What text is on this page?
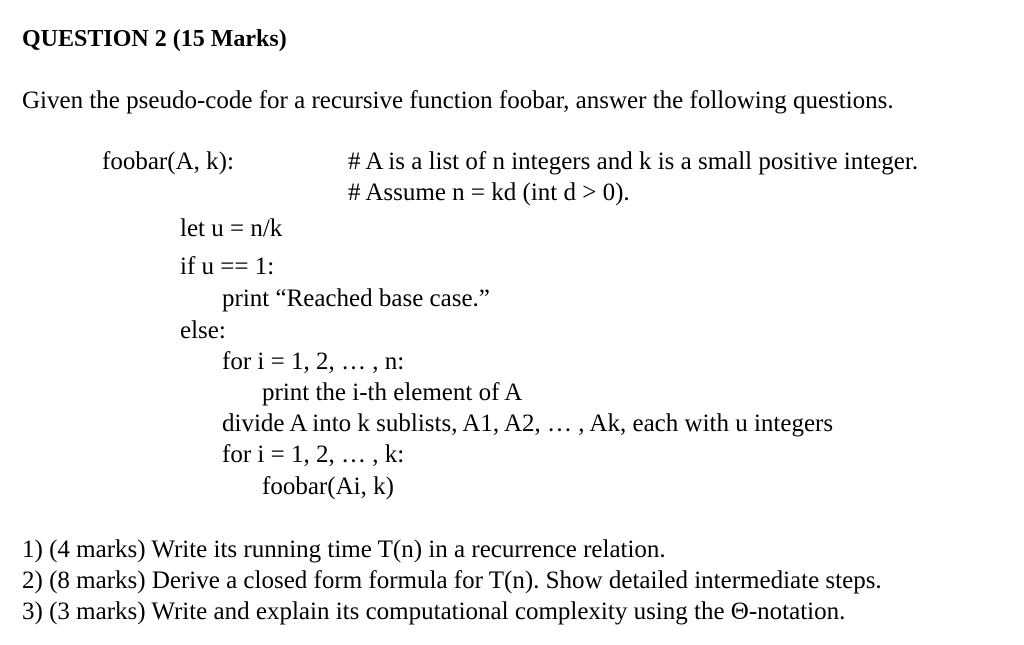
QUESTION 2 (15 Marks)
Given the pseudo-code for a recursive function foobar, answer the following questions.
foobar(A, k):	# A is a list of n integers and k is a small positive integer.
# Assume n = kd (int d > 0).
let u = n/k
if u == 1:
print “Reached base case.”
else:
for i = 1, 2, … , n:
print the i-th element of A
divide A into k sublists, A1, A2, … , Ak, each with u integers
for i = 1, 2, … , k:
foobar(Ai, k)
1) (4 marks) Write its running time T(n) in a recurrence relation.
2) (8 marks) Derive a closed form formula for T(n). Show detailed intermediate steps.
3) (3 marks) Write and explain its computational complexity using the Θ-notation.
